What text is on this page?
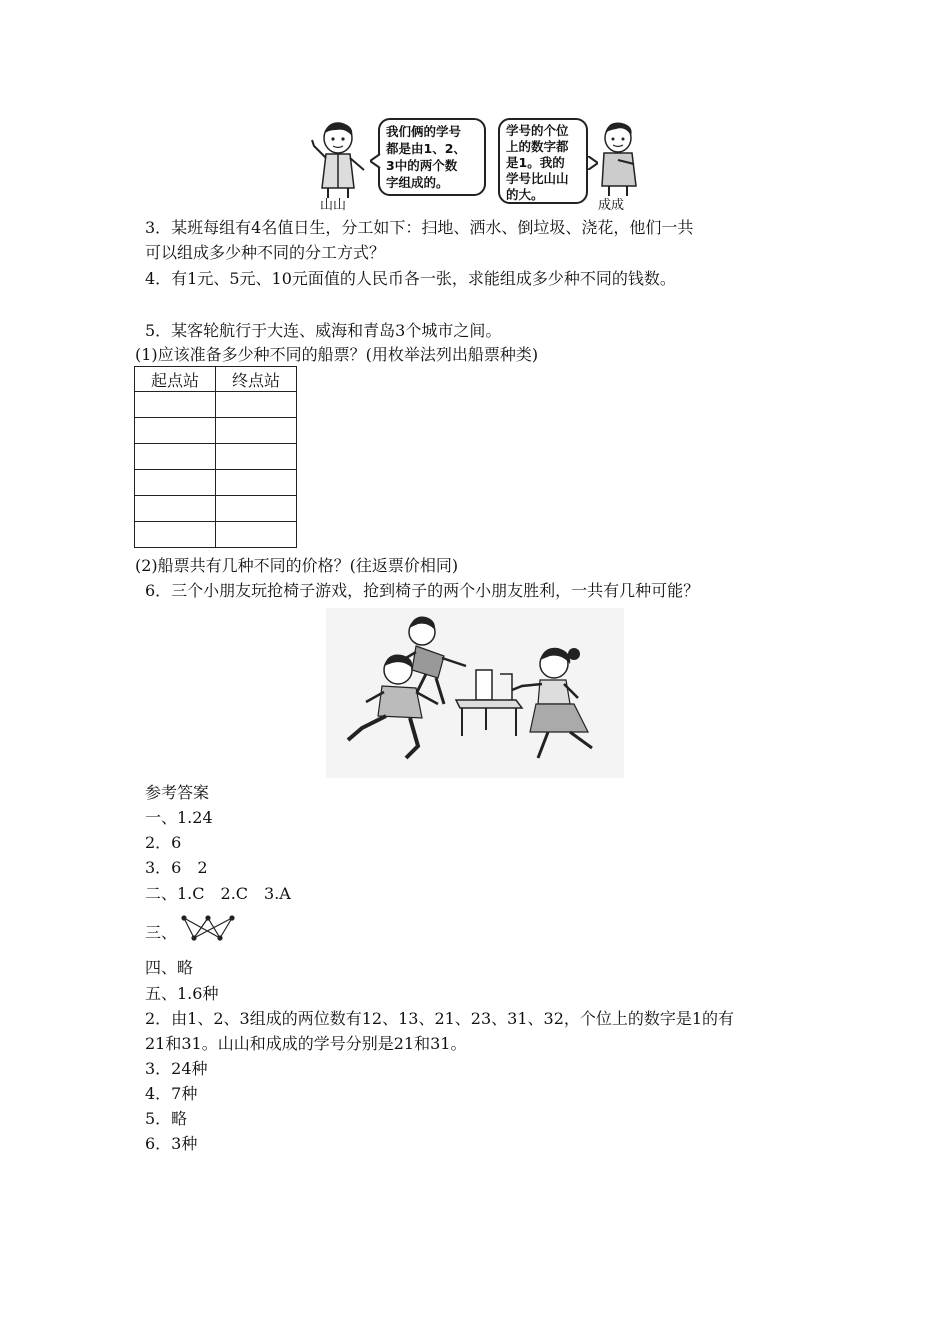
山山

我们俩的学号

都是由1、2、

3中的两个数

字组成的。

学号的个位

上的数字都

是1。我的

学号比山山

的大。

成成
3．某班每组有4名值日生，分工如下：扫地、洒水、倒垃圾、浇花，他们一共
可以组成多少种不同的分工方式？
4．有1元、5元、10元面值的人民币各一张，求能组成多少种不同的钱数。
5．某客轮航行于大连、威海和青岛3个城市之间。
(1)应该准备多少种不同的船票？(用枚举法列出船票种类)
起点站	终点站

(2)船票共有几种不同的价格？(往返票价相同)
6．三个小朋友玩抢椅子游戏，抢到椅子的两个小朋友胜利，一共有几种可能？
参考答案
一、1.24
2．6
3．6　2
二、1.C　2.C　3.A
三、
四、略
五、1.6种
2．由1、2、3组成的两位数有12、13、21、23、31、32，个位上的数字是1的有
21和31。山山和成成的学号分别是21和31。
3．24种
4．7种
5．略
6．3种
